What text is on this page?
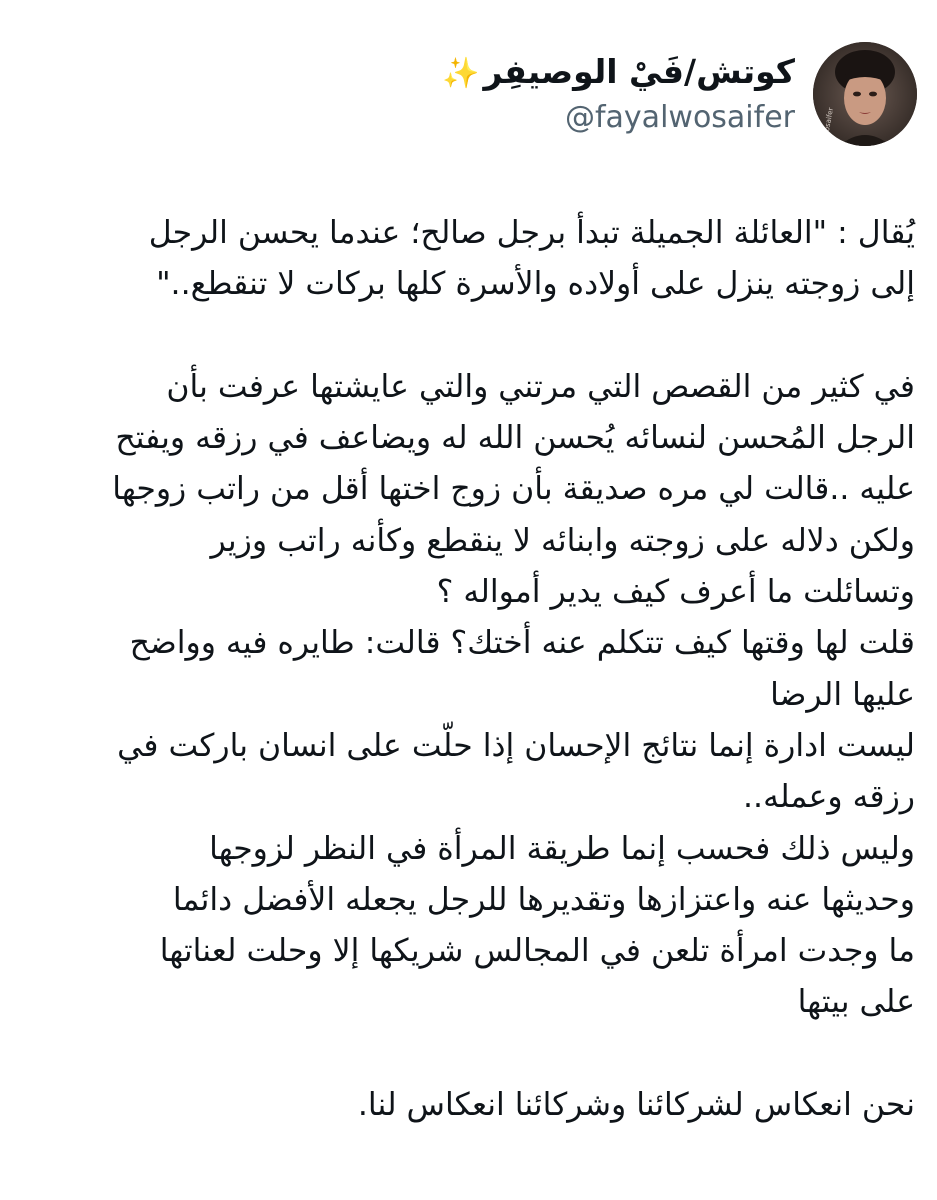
alwosaifer
كوتش/فَيْ الوصيفِر✨
@fayalwosaifer
يُقال : "العائلة الجميلة تبدأ برجل صالح؛ عندما يحسن الرجل
إلى زوجته ينزل على أولاده والأسرة كلها بركات لا تنقطع.."
في كثير من القصص التي مرتني والتي عايشتها عرفت بأن
الرجل المُحسن لنسائه يُحسن الله له ويضاعف في رزقه ويفتح
عليه ..قالت لي مره صديقة بأن زوج اختها أقل من راتب زوجها
ولكن دلاله على زوجته وابنائه لا ينقطع وكأنه راتب وزير
وتسائلت ما أعرف كيف يدير أمواله ؟
قلت لها وقتها كيف تتكلم عنه أختك؟ قالت: طايره فيه وواضح
عليها الرضا
ليست ادارة إنما نتائج الإحسان إذا حلّت على انسان باركت في
رزقه وعمله..
وليس ذلك فحسب إنما طريقة المرأة في النظر لزوجها
وحديثها عنه واعتزازها وتقديرها للرجل يجعله الأفضل دائما
ما وجدت امرأة تلعن في المجالس شريكها إلا وحلت لعناتها
على بيتها
نحن انعكاس لشركائنا وشركائنا انعكاس لنا.
